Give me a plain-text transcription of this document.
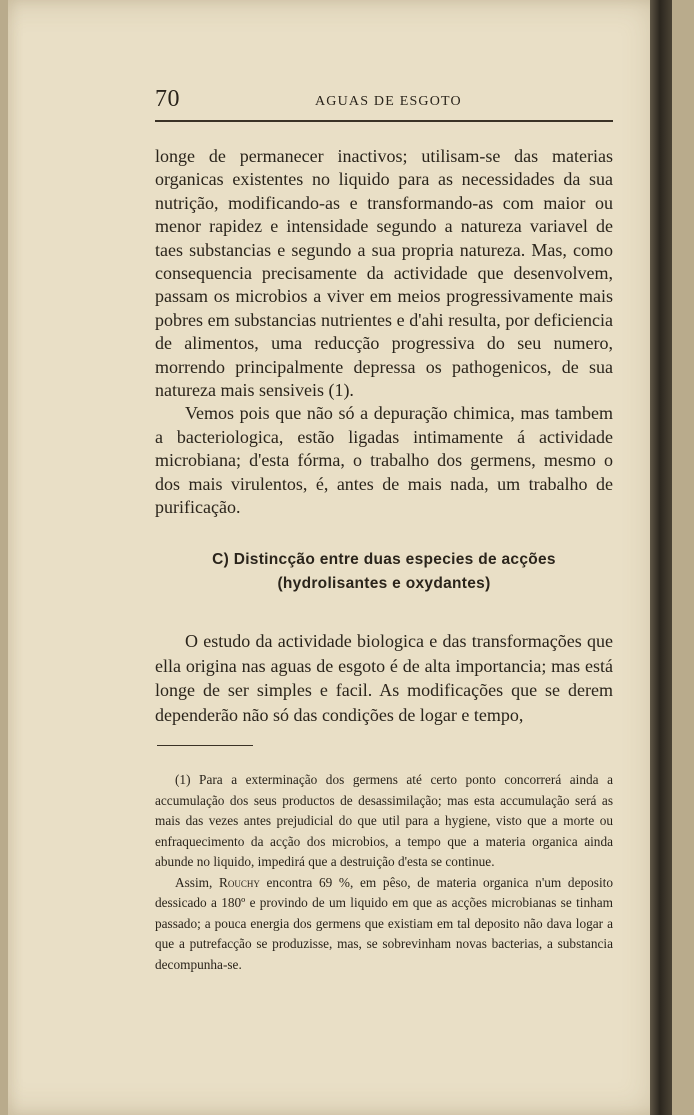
70	AGUAS DE ESGOTO

longe de permanecer inactivos; utilisam-se das materias organicas existentes no liquido para as necessidades da sua nutrição, modificando-as e transformando-as com maior ou menor rapidez e intensidade segundo a natureza variavel de taes substancias e segundo a sua propria natureza. Mas, como consequencia precisamente da actividade que desenvolvem, passam os microbios a viver em meios progressivamente mais pobres em substancias nutrientes e d'ahi resulta, por deficiencia de alimentos, uma reducção progressiva do seu numero, morrendo principalmente depressa os pathogenicos, de sua natureza mais sensiveis (1).

Vemos pois que não só a depuração chimica, mas tambem a bacteriologica, estão ligadas intimamente á actividade microbiana; d'esta fórma, o trabalho dos germens, mesmo o dos mais virulentos, é, antes de mais nada, um trabalho de purificação.

C) Distincção entre duas especies de acções
(hydrolisantes e oxydantes)

O estudo da actividade biologica e das transformações que ella origina nas aguas de esgoto é de alta importancia; mas está longe de ser simples e facil. As modificações que se derem dependerão não só das condições de logar e tempo,

(1) Para a exterminação dos germens até certo ponto concorrerá ainda a accumulação dos seus productos de desassimilação; mas esta accumulação será as mais das vezes antes prejudicial do que util para a hygiene, visto que a morte ou enfraquecimento da acção dos microbios, a tempo que a materia organica ainda abunde no liquido, impedirá que a destruição d'esta se continue.

Assim, Rouchy encontra 69 %, em pêso, de materia organica n'um deposito dessicado a 180º e provindo de um liquido em que as acções microbianas se tinham passado; a pouca energia dos germens que existiam em tal deposito não dava logar a que a putrefacção se produzisse, mas, se sobrevinham novas bacterias, a substancia decompunha-se.
